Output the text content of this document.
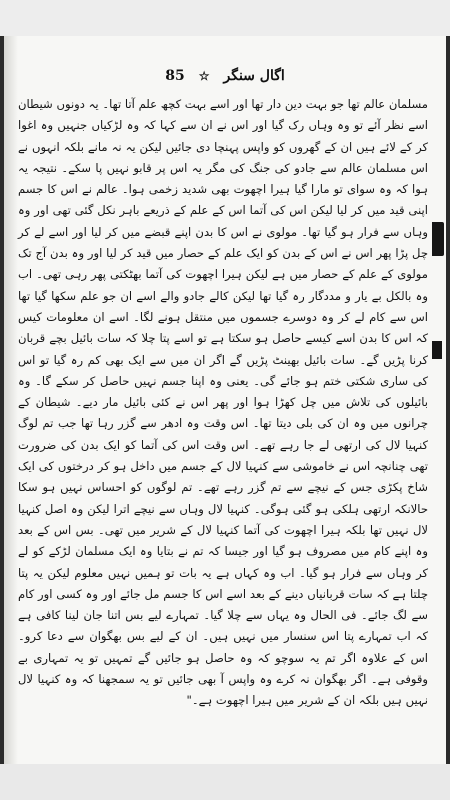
اگال سنگر
☆
85

مسلمان عالم تھا جو بہت دین دار تھا اور اسے بہت کچھ علم آتا تھا۔ یہ دونوں شیطان اسے نظر آئے تو وہ وہاں رک گیا اور اس نے ان سے کہا کہ وہ لڑکیاں جنہیں وہ اغوا کر کے لائے ہیں ان کے گھروں کو واپس پہنچا دی جائیں لیکن یہ نہ مانے بلکہ انہوں نے اس مسلمان عالم سے جادو کی جنگ کی مگر یہ اس پر قابو نہیں پا سکے۔ نتیجہ یہ ہوا کہ وہ سوای تو مارا گیا ہیرا اچھوت بھی شدید زخمی ہوا۔ عالم نے اس کا جسم اپنی قید میں کر لیا لیکن اس کی آتما اس کے علم کے ذریعے باہر نکل گئی تھی اور وہ وہاں سے فرار ہو گیا تھا۔ مولوی نے اس کا بدن اپنے قبضے میں کر لیا اور اسے لے کر چل پڑا پھر اس نے اس کے بدن کو ایک علم کے حصار میں قید کر لیا اور وہ بدن آج تک مولوی کے علم کے حصار میں ہے لیکن ہیرا اچھوت کی آتما بھٹکتی پھر رہی تھی۔ اب وہ بالکل بے یار و مددگار رہ گیا تھا لیکن کالے جادو والے اسے ان جو علم سکھا گیا تھا اس سے کام لے کر وہ دوسرے جسموں میں منتقل ہونے لگا۔ اسے ان معلومات کیس کہ اس کا بدن اسے کیسے حاصل ہو سکتا ہے تو اسے پتا چلا کہ سات بائیل بچے قربان کرنا پڑیں گے۔ سات بائیل بھینٹ پڑیں گے اگر ان میں سے ایک بھی کم رہ گیا تو اس کی ساری شکتی ختم ہو جائے گی۔ یعنی وہ اپنا جسم نہیں حاصل کر سکے گا۔ وہ بائیلوں کی تلاش میں چل کھڑا ہوا اور پھر اس نے کئی بائیل مار دیے۔ شیطان کے چرانوں میں وہ ان کی بلی دیتا تھا۔ اس وقت وہ ادھر سے گزر رہا تھا جب تم لوگ کنہیا لال کی ارتھی لے جا رہے تھے۔ اس وقت اس کی آتما کو ایک بدن کی ضرورت تھی چنانچہ اس نے خاموشی سے کنہیا لال کے جسم میں داخل ہو کر درختوں کی ایک شاخ پکڑی جس کے نیچے سے تم گزر رہے تھے۔ تم لوگوں کو احساس نہیں ہو سکا حالانکہ ارتھی ہلکی ہو گئی ہوگی۔ کنہیا لال وہاں سے نیچے اترا لیکن وہ اصل کنہیا لال نہیں تھا بلکہ ہیرا اچھوت کی آتما کنہیا لال کے شریر میں تھی۔ بس اس کے بعد وہ اپنے کام میں مصروف ہو گیا اور جیسا کہ تم نے بتایا وہ ایک مسلمان لڑکے کو لے کر وہاں سے فرار ہو گیا۔ اب وہ کہاں ہے یہ بات تو ہمیں نہیں معلوم لیکن یہ پتا چلتا ہے کہ سات قربانیاں دینے کے بعد اسے اس کا جسم مل جائے اور وہ کسی اور کام سے لگ جائے۔ فی الحال وہ یہاں سے چلا گیا۔ تمہارے لیے بس اتنا جان لینا کافی ہے کہ اب تمہارے پتا اس سنسار میں نہیں ہیں۔ ان کے لیے بس بھگوان سے دعا کرو۔ اس کے علاوہ اگر تم یہ سوچو کہ وہ حاصل ہو جائیں گے تمہیں تو یہ تمہاری بے وقوفی ہے۔ اگر بھگوان نہ کرے وہ واپس آ بھی جائیں تو یہ سمجھنا کہ وہ کنہیا لال نہیں ہیں بلکہ ان کے شریر میں ہیرا اچھوت ہے۔"
